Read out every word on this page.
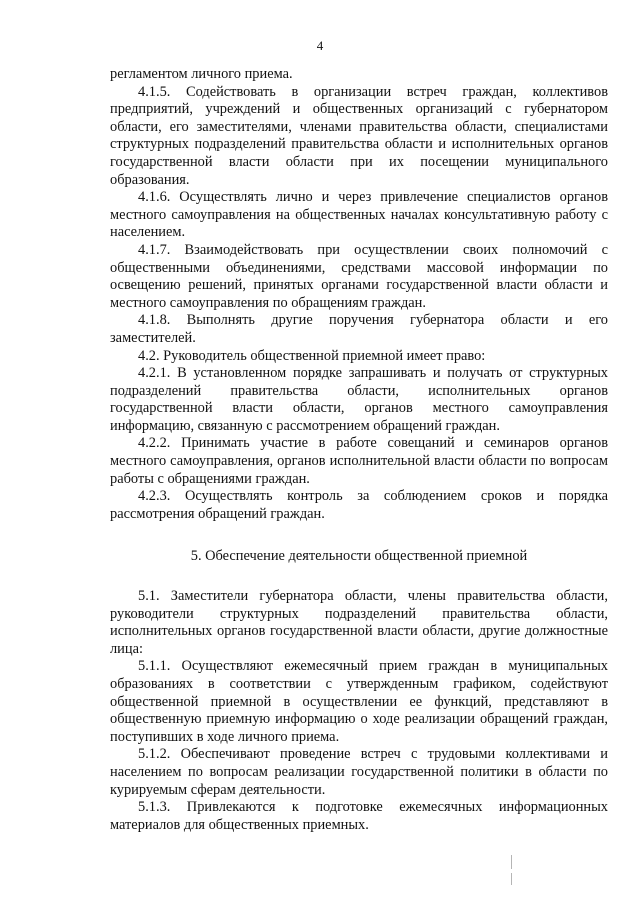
4

регламентом личного приема.

4.1.5. Содействовать в организации встреч граждан, коллективов предприятий, учреждений и общественных организаций с губернатором области, его заместителями, членами правительства области, специалистами структурных подразделений правительства области и исполнительных органов государственной власти области при их посещении муниципального образования.

4.1.6. Осуществлять лично и через привлечение специалистов органов местного самоуправления на общественных началах консультативную работу с населением.

4.1.7. Взаимодействовать при осуществлении своих полномочий с общественными объединениями, средствами массовой информации по освещению решений, принятых органами государственной власти области и местного самоуправления по обращениям граждан.

4.1.8. Выполнять другие поручения губернатора области и его заместителей.

4.2. Руководитель общественной приемной имеет право:

4.2.1. В установленном порядке запрашивать и получать от структурных подразделений правительства области, исполнительных органов государственной власти области, органов местного самоуправления информацию, связанную с рассмотрением обращений граждан.

4.2.2. Принимать участие в работе совещаний и семинаров органов местного самоуправления, органов исполнительной власти области по вопросам работы с обращениями граждан.

4.2.3. Осуществлять контроль за соблюдением сроков и порядка рассмотрения обращений граждан.

5. Обеспечение деятельности общественной приемной

5.1. Заместители губернатора области, члены правительства области, руководители структурных подразделений правительства области, исполнительных органов государственной власти области, другие должностные лица:

5.1.1. Осуществляют ежемесячный прием граждан в муниципальных образованиях в соответствии с утвержденным графиком, содействуют общественной приемной в осуществлении ее функций, представляют в общественную приемную информацию о ходе реализации обращений граждан, поступивших в ходе личного приема.

5.1.2. Обеспечивают проведение встреч с трудовыми коллективами и населением по вопросам реализации государственной политики в области по курируемым сферам деятельности.

5.1.3. Привлекаются к подготовке ежемесячных информационных материалов для общественных приемных.
